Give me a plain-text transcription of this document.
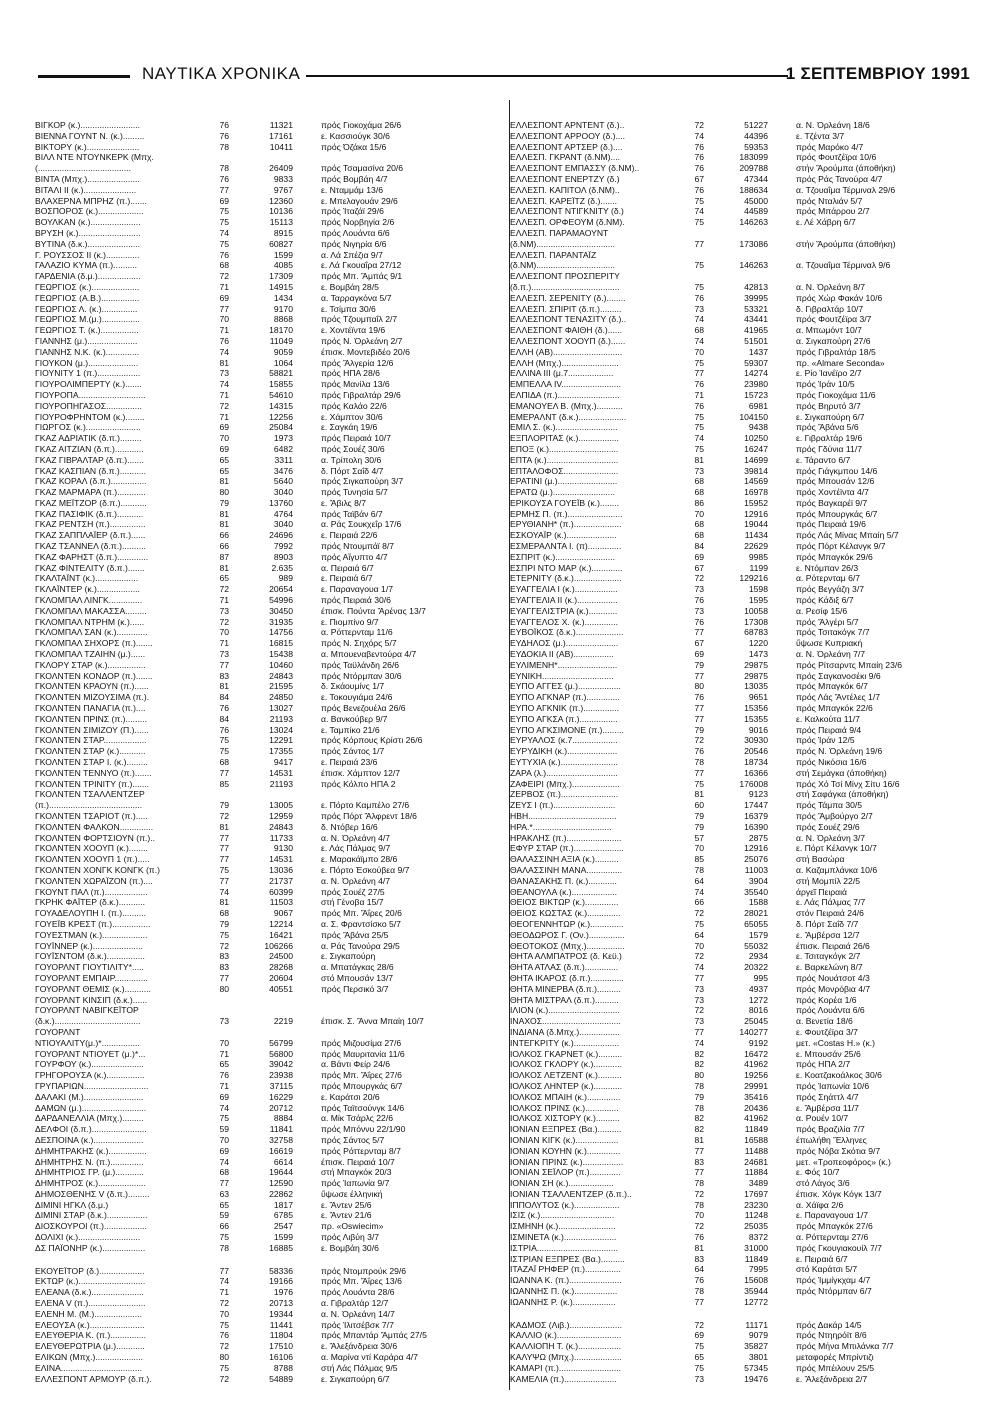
ΝΑΥΤΙΚΑ ΧΡΟΝΙΚΑ	1 ΣΕΠΤΕΜΒΡΙΟΥ 1991
ΒΙΓΚΟΡ (κ.).........................	76	11321	πρός Γιοκοχάμα 26/6
ΒΙΕΝΝΑ ΓΟΥΝΤ Ν. (κ.).........	76	17161	ε. Κασσιούγκ 30/6
ΒΙΚΤΟΡΥ (κ.)......................	78	10411	πρός Όζάκα 15/6
ΒΙΛΛ ΝΤΕ ΝΤΟΥΝΚΕΡΚ (Μπχ.
(.......................................	78	26409	πρός Τσαμασίνα 20/6
ΒΙΝΤΑ (Μπχ.)......................	76	9833	πρός Βομβάη 4/7
ΒΙΤΑΛΙ II (κ.)......................	77	9767	ε. Νταμμάμ 13/6
ΒΛΑΧΕΡΝΑ ΜΠΡΗΖ (π.).......	69	12360	ε. Μπελαγουάν 29/6
ΒΟΣΠΟΡΟΣ (κ.)...................	75	10136	πρός Ίταζάϊ 29/6
ΒΟΥΛΚΑΝ (κ.).....................	75	15113	πρός Νορβηγία 2/6
ΒΡΥΣΗ (κ.)..........................	74	8915	πρός Λουάντα 6/6
ΒΥΤΙΝΑ (δ.κ.)......................	75	60827	πρός Νιγηρία 6/6
Γ. ΡΟΥΣΣΟΣ II (κ.)..............	76	1599	α. Λά Σπέζια 9/7
ΓΑΛΑΖΙΟ ΚΥΜΑ (π.)..........	68	4085	ε. Λά Γκουαΐρα 27/12
ΓΑΡΔΕΝΙΑ (δ.μ.)..................	72	17309	πρός Μπ. Ἄμπάς 9/1
ΓΕΩΡΓΙΟΣ (κ.)....................	71	14915	ε. Βομβάη 28/5
ΓΕΩΡΓΙΟΣ (Α.Β.)................	69	1434	α. Ταρραγκόνα 5/7
ΓΕΩΡΓΙΟΣ Λ. (κ.)...............	77	9170	ε. Τσίμπα 30/6
ΓΕΩΡΓΙΟΣ Μ.(μ.)................	70	8868	πρός Τζουμπαΐλ 2/7
ΓΕΩΡΓΙΟΣ Τ. (κ.)................	71	18170	ε. Χοντέϊντα 19/6
ΓΙΑΝΝΗΣ (μ.).....................	76	11049	πρός Ν. Ὀρλεάνη 2/7
ΓΙΑΝΝΗΣ Ν.Κ. (κ.)..............	74	9059	έπισκ. Μοντεβιδέο 20/6
ΓΙΟΥΚΟΝ (μ.).....................	81	1064	πρός Ἄλγερία 12/6
ΓΙΟΥΝΙΤΥ 1 (π.)..................	73	58821	πρός ΗΠΑ 28/6
ΓΙΟΥΡΟΛΙΜΠΕΡΤΥ (κ.).......	74	15855	πρός Μανίλα 13/6
ΓΙΟΥΡΟΠΑ............................	71	54610	πρός Γιβραλτάρ 29/6
ΓΙΟΥΡΟΠΗΓΑΣΟΣ...............	72	14315	πρός Καλάο 22/6
ΓΙΟΥΡΟΦΡΗΝΤΟΜ (κ.)........	71	12256	ε. Χάμπτον 30/6
ΓΙΩΡΓΟΣ (κ.).......................	69	25084	ε. Σαγκάη 19/6
ΓΚΑΖ ΑΔΡΙΑΤΙΚ (δ.π.).........	70	1973	πρός Πειραιά 10/7
ΓΚΑΖ ΑΙΤΖΙΑΝ (δ.π.)............	69	6482	πρός Σουέζ 30/6
ΓΚΑΖ ΓΙΒΡΑΛΤΑΡ (δ.π.).......	65	3311	α. Τρίπολη 30/6
ΓΚΑΖ ΚΑΣΠΙΑΝ (δ.π.)...........	65	3476	δ. Πόρτ Σαΐδ 4/7
ΓΚΑΖ ΚΟΡΑΛ (δ.π.)...............	81	5640	πρός Σιγκαπούρη 3/7
ΓΚΑΖ ΜΑΡΜΑΡΑ (π.)............	80	3040	πρός Τυνησία 5/7
ΓΚΑΖ ΜΕΪΤΖΟΡ (δ.π.)...........	79	13760	ε. Ἄβιλς 8/7
ΓΚΑΖ ΠΑΣΙΦΙΚ (δ.π.)...........	81	4764	πρός Ταϊβάν 6/7
ΓΚΑΖ ΡΕΝΤΣΗ (π.)...............	81	3040	α. Ράς Σουκχεΐρ 17/6
ΓΚΑΖ ΣΑΠΠΛΑΪΕΡ (δ.π.)......	66	24696	ε. Πειραιά 22/6
ΓΚΑΖ ΤΣΑΝΝΕΛ (δ.π.)..........	66	7992	πρός Ντουμπάϊ 8/7
ΓΚΑΖ ΦΑΡΗΣΤ (δ.π.).............	87	8903	πρός Αἴγυπτο 4/7
ΓΚΑΖ ΦΙΝΤΕΛΙΤΥ (δ.π.).......	81	2.635	α. Πειραιά 6/7
ΓΚΑΛΤΑΪΝΤ (κ.)..................	65	989	ε. Πειραιά 6/7
ΓΚΛΑΪΝΤΕΡ (κ.)..................	72	20654	ε. Παραναγουα 1/7
ΓΚΛΟΜΠΑΛ ΛΙΝΓΚ..............	71	54996	πρός Πειραιά 30/6
ΓΚΛΟΜΠΑΛ ΜΑΚΑΣΣΑ.........	73	30450	έπισκ. Πούντα Ἄρένας 13/7
ΓΚΛΟΜΠΑΛ ΝΤΡΗΜ (κ.)......	72	31935	ε. Πιομπίνο 9/7
ΓΚΛΟΜΠΑΛ ΣΑΝ (κ.).............	70	14756	α. Ρόττερνταμ 11/6
ΓΚΛΟΜΠΑΛ ΣΗΧΟΡΣ (π.).......	71	16815	πρός Ν. Σηχόρς 5/7
ΓΚΛΟΜΠΑΛ ΤΖΑΙΗΝ (μ.)......	73	15438	α. Μπουεναβεντούρα 4/7
ΓΚΛΟΡΥ ΣΤΑΡ (κ.)................	77	10460	πρός Ταϋλάνδη 26/6
ΓΚΟΛΝΤΕΝ ΚΟΝΔΟΡ (π.).......	83	24843	πρός Ντόρμπαν 30/6
ΓΚΟΛΝΤΕΝ ΚΡΑΟΥΝ (π.)......	81	21595	δ. Σκάουμίνς 1/7
ΓΚΟΛΝΤΕΝ ΜΙΖΟΥΣΙΜΑ (π.).	84	24850	ε. Τοκουγιάμα 24/6
ΓΚΟΛΝΤΕΝ ΠΑΝΑΓΙΑ (π.)....	76	13027	πρός Βενεζουέλα 26/6
ΓΚΟΛΝΤΕΝ ΠΡΙΝΣ (π.).........	84	21193	α. Βανκούβερ 9/7
ΓΚΟΛΝΤΕΝ ΣΙΜΙΖΟΥ (Π.)......	76	13024	ε. Ταμπίκο 21/6
ΓΚΟΛΝΤΕΝ ΣΤΑΡ..................	75	12291	πρός Κόρπους Κρίστι 26/6
ΓΚΟΛΝΤΕΝ ΣΤΑΡ (κ.)...........	75	17355	πρός Σάντος 1/7
ΓΚΟΛΝΤΕΝ ΣΤΑΡ Ι. (κ.).........	68	9417	ε. Πειραιά 23/6
ΓΚΟΛΝΤΕΝ ΤΕΝΝΥΟ (π.).......	77	14531	έπισκ. Χάμπτον 12/7
ΓΚΟΛΝΤΕΝ ΤΡΙΝΙΤΥ (π.).......	85	21193	πρός Κόλπο ΗΠΑ 2
ΓΚΟΛΝΤΕΝ ΤΣΑΛΛΕΝΤΖΕΡ
(π.).......................................	79	13005	ε. Πόρτο Καμπέλο 27/6
ΓΚΟΛΝΤΕΝ ΤΣΑΡΙΟΤ (π.).....	72	12959	πρός Πόρτ Ἄλφρεντ 18/6
ΓΚΟΛΝΤΕΝ ΦΑΛΚΟΝ..............	81	24843	δ. Ντόβερ 16/6
ΓΚΟΛΝΤΕΝ ΦΟΡΤΣΙΟΥΝ (π.)..	77	11733	α. Ν. Ὀρλεάνη 4/7
ΓΚΟΛΝΤΕΝ ΧΟΟΥΠ (κ.)........	77	9130	ε. Λάς Πάλμας 9/7
ΓΚΟΛΝΤΕΝ ΧΟΟΥΠ 1 (π.).....	77	14531	ε. Μαρακάϊμπο 28/6
ΓΚΟΛΝΤΕΝ ΧΟΝΓΚ ΚΟΝΓΚ (π.)	75	13036	ε. Πόρτο Ἐσκούβεα 9/7
ΓΚΟΛΝΤΕΝ ΧΩΡΑΪΖΟΝ (π.)....	77	21737	α. Ν. Ὀρλεάνη 4/7
ΓΚΟΥΝΤ ΠΑΛ (π.)..................	74	60399	πρός Σουέζ 27/5
ΓΚΡΗΚ ΦΑΪΤΕΡ (δ.κ.)...........	81	11503	στή Γένοβα 15/7
ΓΟΥΑΔΕΛΟΥΠΗ Ι. (π.)..........	68	9067	πρός Μπ. Ἄΐρες 20/6
ΓΟΥΕΪΒ ΚΡΕΣΤ (π.)................	79	12214	α. Σ. Φραντσίσκο 5/7
ΓΟΥΕΣΤΜΑΝ (κ.)...................	75	16421	πρός Ἄβάνα 25/5
ΓΟΥΪΝΝΕΡ (κ.).....................	72	106266	α. Ράς Τανούρα 29/5
ΓΟΥΪΣΝΤΟΜ (δ.κ.)................	83	24500	ε. Σιγκαπούρη
ΓΟΥΟΡΛΝΤ ΓΙΟΥΤΙΛΙΤΥ*.....	83	28268	α. Μπατάγκας 28/6
ΓΟΥΟΡΛΝΤ ΕΜΠΑΙΡ..............	77	20604	στό Μπουσάν 13/7
ΓΟΥΟΡΛΝΤ ΘΕΜΙΣ (κ.)...........	80	40551	πρός Περσικό 3/7
ΓΟΥΟΡΛΝΤ ΚΙΝΣΙΠ (δ.κ.)......
ΓΟΥΟΡΛΝΤ ΝΑΒΙΓΚΕΪΤΟΡ
(δ.κ.)....................................	73	2219	έπισκ. Σ. Ἄννα Μπαίη 10/7
ΓΟΥΟΡΛΝΤ
ΝΤΙΟΥΑΛΙΤΥ(μ.)*................	70	56799	πρός Μιζουσίμα 27/6
ΓΟΥΟΡΛΝΤ ΝΤΙΟΥΕΤ (μ.)*...	71	56800	πρός Μαυριτανία 11/6
ΓΟΥΡΦΟΥ (κ.)......................	65	39042	α. Βάντι Φείρ 24/6
ΓΡΗΓΟΡΟΥΣΑ (κ.)................	76	23938	πρός Μπ. Ἄΐρες 27/6
ΓΡΥΠΑΡΙΩΝ...........................	71	37115	πρός Μπουργκάς 6/7
ΔΑΛΑΚΙ (Μ.).........................	69	16229	ε. Καράτσι 20/6
ΔΑΜΩΝ (μ.)...........................	74	20712	πρός Ταϊτσούνγκ 14/6
ΔΑΡΔΑΝΕΛΛΙΑ (Μπχ.).........	75	8884	α. Μίκ Τσάρλς 22/6
ΔΕΛΦΟΙ (δ.π.).......................	59	11841	πρός Μπόννυ 22/1/90
ΔΕΣΠΟΙΝΑ (κ.).....................	70	32758	πρός Σάντος 5/7
ΔΗΜΗΤΡΑΚΗΣ (κ.)................	69	16619	πρός Ρόττερνταμ 8/7
ΔΗΜΗΤΡΗΣ Ν. (π.)..............	74	6614	έπισκ. Πειραιά 10/7
ΔΗΜΗΤΡΙΟΣ ΓΡ. (μ.)............	68	19644	στή Μπαγκόκ 20/3
ΔΗΜΗΤΡΟΣ (κ.)....................	77	12590	πρός Ἰαπωνία 9/7
ΔΗΜΟΣΘΕΝΗΣ V (δ.π.).........	63	22862	ὕψωσε έλληνική
ΔΙΜΙΝΙ ΗΓΚΛ (δ.μ.)	65	1817	ε. Ἄντεν 25/6
ΔΙΜΙΝΙ ΣΤΑΡ (δ.κ.).................	59	6785	ε. Ἄντεν 21/6
ΔΙΟΣΚΟΥΡΟΙ (π.)..................	66	2547	πρ. «Oswiecim»
ΔΟΛΙΧΙ (κ.)..........................	75	1599	πρός Λιβύη 3/7
ΔΣ ΠΑΪΟΝΗΡ (κ.)..................	78	16885	ε. Βομβάη 30/6
ΕΚΟΥΕΪΤΟΡ (δ.)...................	77	58336	πρός Ντομπρούκ 29/6
ΕΚΤΩΡ (κ.)............................	74	19166	πρός Μπ. Ἄΐρες 13/6
ΕΛΕΑΝΑ (δ.κ.)......................	71	1976	πρός Λουάντα 28/6
ΕΛΕΝΑ V (π.)........................	72	20713	α. Γιβραλτάρ 12/7
ΕΛΕΝΗ Μ. (Μ.)....................	70	19344	α. Ν. Ὀρλεάνη 14/7
ΕΛΕΟΥΣΑ (κ.).......................	75	11441	πρός Ἰλιτσέβσκ 7/7
ΕΛΕΥΘΕΡΙΑ Κ. (π.)...............	76	11804	πρός Μπαντάρ Ἄμπάς 27/5
ΕΛΕΥΘΕΡΩΤΡΙΑ (μ.)............	72	17510	ε. Ἄλεξάνδρεια 30/6
ΕΛΙΚΩΝ (Μπχ.)....................	80	16106	α. Μαρίνα ντί Καράρα 4/7
ΕΛΙΝΑ..................................	75	8788	στή Λάς Πάλμας 9/5
ΕΛΛΕΣΠΟΝΤ ΑΡΜΟΥΡ (δ.π.).	72	54889	ε. Σιγκαπούρη 6/7
ΕΛΛΕΣΠΟΝΤ ΑΡΝΤΕΝΤ (δ.)..	72	51227	α. Ν. Ὀρλεάνη 18/6
ΕΛΛΕΣΠΟΝΤ ΑΡΡΟΟΥ (δ.)....	74	44396	ε. Τζέντα 3/7
ΕΛΛΕΣΠΟΝΤ ΑΡΤΣΕΡ (δ.)....	76	59353	πρός Μαρόκο 4/7
ΕΛΛΕΣΠ. ΓΚΡΑΝΤ (δ.ΝΜ)....	76	183099	πρός Φουτζέϊρα 10/6
ΕΛΛΕΣΠΟΝΤ ΕΜΠΑΣΣΥ (δ.ΝΜ)..	76	209788	στήν Ἄρούμπα (άποθήκη)
ΕΛΛΕΣΠΟΝΤ ΕΝΕΡΤΖΥ (δ.)	67	47344	πρός Ράς Τανούρα 4/7
ΕΛΛΕΣΠ. ΚΑΠΙΤΟΛ (δ.ΝΜ)..	76	188634	α. Τζουαΐμα Τέρμιναλ 29/6
ΕΛΛΕΣΠ. ΚΑΡΕΪΤΖ (δ.).......	75	45000	πρός Νταλιάν 5/7
ΕΛΛΕΣΠΟΝΤ ΝΤΙΓΚΝΙΤΥ (δ.)	74	44589	πρός Μπάρρου 2/7
ΕΛΛΕΣΠ. ΟΡΦΕΟΥΜ (δ.ΝΜ).	75	146263	ε. Λέ Χάβρη 6/7
ΕΛΛΕΣΠ. ΠΑΡΑΜΑΟΥΝΤ
(δ.ΝΜ).................................	77	173086	στήν Ἄρούμπα (άποθήκη)
ΕΛΛΕΣΠ. ΠΑΡΑΝΤΑΪΖ
(δ.ΝΜ).................................	75	146263	α. Τζουαΐμα Τέρμιναλ 9/6
ΕΛΛΕΣΠΟΝΤ ΠΡΟΣΠΕΡΙΤΥ
(δ.π.).....................................	75	42813	α. Ν. Ὀρλεάνη 8/7
ΕΛΛΕΣΠ. ΣΕΡΕΝΙΤΥ (δ.)........	76	39995	πρός Χώρ Φακάν 10/6
ΕΛΛΕΣΠ. ΣΠΙΡΙΤ (δ.π.).........	73	53321	δ. Γιβραλτάρ 10/7
ΕΛΛΕΣΠΟΝΤ ΤΕΝΑΣΙΤΥ (δ.)..	74	43441	πρός Φουτζέϊρα 3/7
ΕΛΛΕΣΠΟΝΤ ΦΑΙΘΗ (δ.)......	68	41965	α. Μπωμόντ 10/7
ΕΛΛΕΣΠΟΝΤ ΧΟΟΥΠ (δ.)......	74	51501	α. Σιγκαπούρη 27/6
ΕΛΛΗ (ΑΒ).............................	70	1437	πρός Γιβραλτάρ 18/5
ΕΛΛΗ (Μπχ.)........................	75	59307	πρ. «Almare Seconda»
ΕΛΛΙΝΑ III (μ.7...................	77	14274	ε. Ρίο Ἰανέϊρο 2/7
ΕΜΠΕΛΛΑ IV.........................	76	23980	πρός Ἰράν 10/5
ΕΛΠΙΔΑ (π.)..........................	71	15723	πρός Γιοκοχάμα 11/6
ΕΜΑΝΟΥΕΛ Β. (Μπχ.)...........	76	6981	πρός Βηρυτό 3/7
ΕΜΕΡΑΛΝΤ (δ.κ.)....................	75	104150	ε. Σιγκαπούρη 6/7
ΕΜΙΛ Σ. (κ.)..........................	75	9438	πρός Ἄβάνα 5/6
ΕΞΠΛΟΡΙΤΑΣ (κ.).................	74	10250	ε. Γιβραλτάρ 19/6
ΕΠΟΞ (κ.).............................	75	16247	πρός Γδύνια 11/7
ΕΠΤΑ (κ.)..............................	81	14699	ε. Τάραντο 6/7
ΕΠΤΑΛΟΦΟΣ.......................	73	39814	πρός Γιάγκμπου 14/6
ΕΡΑΤΙΝΙ (μ.).........................	68	14569	πρός Μπουσάν 12/6
ΕΡΑΤΩ (μ.)..........................	68	16978	πρός Χοντέϊντα 4/7
ΕΡΙΚΟΥΣΑ ΓΟΥΕΪΒ (κ.)........	86	15952	πρός Βαγκαρέϊ 9/7
ΕΡΜΗΣ Π. (π.).......................	70	12916	πρός Μπουργκάς 6/7
ΕΡΥΘΙΑΝΗ* (π.)....................	68	19044	πρός Πειραιά 19/6
ΕΣΚΟΥΑΪΡ (κ.).....................	68	11434	πρός Λάς Μίνας Μπαίη 5/7
ΕΣΜΕΡΑΛΝΤΑ Ι. (π)..............	84	22629	πρός Πόρτ Κέλανγκ 9/7
ΕΣΠΡΙΤ (κ.).........................	69	9985	πρός Μπαγκόκ 29/6
ΕΣΠΡΙ ΝΤΟ ΜΑΡ (κ.).............	67	1199	ε. Ντόμπαν 26/3
ΕΤΕΡΝΙΤΥ (δ.κ.)....................	72	129216	α. Ρότερνταμ 6/7
ΕΥΑΓΓΕΛΙΑ Ι (κ.)..................	73	1598	πρός Βεγγάζη 3/7
ΕΥΑΓΓΕΛΙΑ ΙΙ (κ.).................	76	1595	πρός Κάδιξ 6/7
ΕΥΑΓΓΕΛΙΣΤΡΙΑ (κ.)............	73	10058	α. Ρεσίφ 15/6
ΕΥΑΓΓΕΛΟΣ Χ. (κ.)..............	76	17308	πρός Ἄλγέρι 5/7
ΕΥΒΟΪΚΟΣ (δ.κ.)....................	77	68783	πρός Τσιτακόγκ 7/7
ΕΥΔΗΛΟΣ (μ.)......................	67	1220	ὕψωσε Κυπριακή
ΕΥΔΟΚΙΑ ΙΙ (ΑΒ).................	69	1473	α. Ν. Ὀρλεάνη 7/7
ΕΥΛΙΜΕΝΗ*.........................	79	29875	πρός Ρίτσαρντς Μπαίη 23/6
ΕΥΝΙΚΗ..............................	77	29875	πρός Σαγκανοσέκι 9/6
ΕΥΠΟ ΑΓΓΕΣ (μ.)..................	80	13035	πρός Μπαγκόκ 6/7
ΕΥΠΟ ΑΓΚΝΑΡ (π.)..............	76	9651	πρός Λάς Ἄντέλες 1/7
ΕΥΠΟ ΑΓΚΝΙΚ (π.)...............	77	15356	πρός Μπαγκόκ 22/6
ΕΥΠΟ ΑΓΚΣΑ (π.)................	77	15355	ε. Καλκούτα 11/7
ΕΥΠΟ ΑΓΚΣΙΜΟΝΕ (π.).........	79	9016	πρός Πειραιά 9/4
ΕΥΡΥΑΛΟΣ (κ.7...................	72	30930	πρός Ἰράν 12/5
ΕΥΡΥΔΙΚΗ (κ.).....................	76	20546	πρός Ν. Ὀρλεάνη 19/6
ΕΥΤΥΧΙΑ (κ.)........................	78	18734	πρός Νικόσια 16/6
ΖΑΡΑ (λ.)..............................	77	16366	στή Σεμάγκα (άποθήκη)
ΖΑΦΕΙΡΙ (Μπχ.)....................	75	176008	πρός Χό Τσί Μίνχ Σίτυ 16/6
ΖΕΡΒΟΣ (π.)........................	81	9123	στή Σαφάγκα (άποθήκη)
ΖΕΥΣ Ι (π.)..........................	60	17447	πρός Τάμπα 30/5
ΗΒΗ.....................................	79	16379	πρός Ἄμβούργο 2/7
ΗΡΑ.*.................................	79	16390	πρός Σουέζ 29/6
ΗΡΑΚΛΗΣ (π.).......................	57	2875	α. Ν. Ὀρλεάνη 3/7
ΕΦΥΡ ΣΤΑΡ (π.).....................	70	12916	ε. Πόρτ Κέλανγκ 10/7
ΘΑΛΑΣΣΙΝΗ ΑΞΙΑ (κ.)..........	85	25076	στή Βασώρα
ΘΑΛΑΣΣΙΝΗ ΜΑΝΑ...............	78	11003	α. Καζαμπλάνκα 10/6
ΘΑΝΑΣΑΚΗΣ Π. (κ.)............	64	3904	στή Μομπίλ 22/5
ΘΕΑΝΟΥΛΑ (κ.)...................	74	35540	άργεῖ Πειραιά
ΘΕΙΟΣ ΒΙΚΤΩΡ (κ.)..............	66	1588	ε. Λάς Πάλμας 7/7
ΘΕΙΟΣ ΚΩΣΤΑΣ (κ.)..............	72	28021	στόν Πειραιά 24/6
ΘΕΟΓΕΝΝΗΤΩΡ (κ.)..............	75	65055	δ. Πόρτ Σαΐδ 7/7
ΘΕΟΔΩΡΟΣ Γ. (Ον.)...............	64	1579	ε. Ἄμβέρσα 12/7
ΘΕΟΤΟΚΟΣ (Μπχ.)................	70	55032	έπισκ. Πειραιά 26/6
ΘΗΤΑ ΑΛΜΠΑΤΡΟΣ (δ. Κεϋ.)	72	2934	ε. Τσιταγκόγκ 2/7
ΘΗΤΑ ΑΤΛΑΣ (δ.π.)..............	74	20322	ε. Βαρκελώνη 8/7
ΘΗΤΑ ΙΚΑΡΟΣ (δ.π.)..............	77	995	πρός Νουάτσοτ 4/3
ΘΗΤΑ ΜΙΝΕΡΒΑ (δ.π.)..........	73	4937	πρός Μονρόβια 4/7
ΘΗΤΑ ΜΙΣΤΡΑΛ (δ.π.)..........	73	1272	πρός Κορέα 1/6
ΙΛΙΟΝ (κ.)..............................	72	8016	πρός Λουάντα 6/6
ΙΝΑΧΟΣ.................................	73	25045	α. Βενετία 18/6
ΙΝΔΙΑΝΑ (δ.Μπχ.).................	77	140277	ε. Φουτζέϊρα 3/7
ΙΝΤΕΓΚΡΙΤΥ (κ.)...................	74	9192	μετ. «Costas H.» (κ.)
ΙΟΛΚΟΣ ΓΚΑΡΝΕΤ (κ.)..........	82	16472	ε. Μπουσάν 25/6
ΙΟΛΚΟΣ ΓΚΛΟΡΥ (κ.)............	82	41962	πρός ΗΠΑ 2/7
ΙΟΛΚΟΣ ΛΕΤΖΕΝΤ (κ.)..........	80	19256	ε. Κοατζακοάλκος 30/6
ΙΟΛΚΟΣ ΛΗΝΤΕΡ (κ.)............	78	29991	πρός Ἰαπωνία 10/6
ΙΟΛΚΟΣ ΜΠΑΙΗ (κ.)..............	79	35416	πρός Σηάττλ 4/7
ΙΟΛΚΟΣ ΠΡΙΝΣ (κ.)..............	78	20436	ε. Ἄμβέρσα 11/7
ΙΟΛΚΟΣ ΧΙΣΤΟΡΥ (κ.)..........	82	41962	α. Ρουέν 10/7
ΙΟΝΙΑΝ ΕΞΠΡΕΣ (Βα.)..........	82	11849	πρός Βραζιλία 7/7
ΙΟΝΙΑΝ ΚΙΓΚ (κ.)..................	81	16588	έπωλήθη Ἕλληνες
ΙΟΝΙΑΝ ΚΟΥΗΝ (κ.)..............	77	11488	πρός Νόβα Σκότια 9/7
ΙΟΝΙΑΝ ΠΡΙΝΣ (κ.).................	83	24681	μετ. «Τροπεοφόρος» (κ.)
ΙΟΝΙΑΝ ΣΕΪΛΟΡ (π.).............	77	11884	ε. Φός 10/7
ΙΟΝΙΑΝ ΣΗ (κ.)...................	78	3489	στό Λάγος 3/6
ΙΟΝΙΑΝ ΤΣΑΛΛΕΝΤΖΕΡ (δ.π.)..	72	17697	έπισκ. Χόγκ Κόγκ 13/7
ΙΠΠΟΛΥΤΟΣ (κ.)...................	78	23230	α. Χάϊφα 2/6
ΙΣΙΣ (κ.)...............................	70	11248	ε. Παραναγουα 1/7
ΙΣΜΗΝΗ (κ.)........................	72	25035	πρός Μπαγκόκ 27/6
ΙΣΜΙΝΕΤΑ (κ.)......................	76	8372	α. Ρόττερνταμ 27/6
ΙΣΤΡΙΑ..................................	81	31000	πρός Γκουγιακουίλ 7/7
ΙΣΤΡΙΑΝ ΕΞΠΡΕΣ (Βα.)..........	83	11849	ε. Πειραιά 6/7
ΙΤΑΖΑΪ ΡΗΦΕΡ (π.)...............	64	7995	στό Καράτσι 5/7
ΙΩΑΝΝΑ Κ. (π.)......................	76	15608	πρός Ἰμμίγκχαμ 4/7
ΙΩΑΝΝΗΣ Π. (κ.)..................	78	35944	πρός Ντόρμπαν 6/7
ΙΩΑΝΝΗΣ Ρ. (κ.)..................	77	12772
ΚΑΔΜΟΣ (Λιβ.)......................	72	11171	πρός Δακάρ 14/5
ΚΑΛΛΙΟ (κ.)...........................	69	9079	πρός Ντηηρόϊτ 8/6
ΚΑΛΛΙΟΠΗ Τ. (κ.)..................	75	35827	πρός Μήνα Μπιλάνκα 7/7
ΚΑΛΥΨΩ (Μπχ.)....................	65	3801	μεταφορές Μπρίντιζι
ΚΑΜΑΡΙ (π.)..........................	75	57345	πρός Μπέιλουν 25/5
ΚΑΜΕΛΙΑ (π.)......................	73	19476	ε. Ἄλεξάνδρεια 2/7
